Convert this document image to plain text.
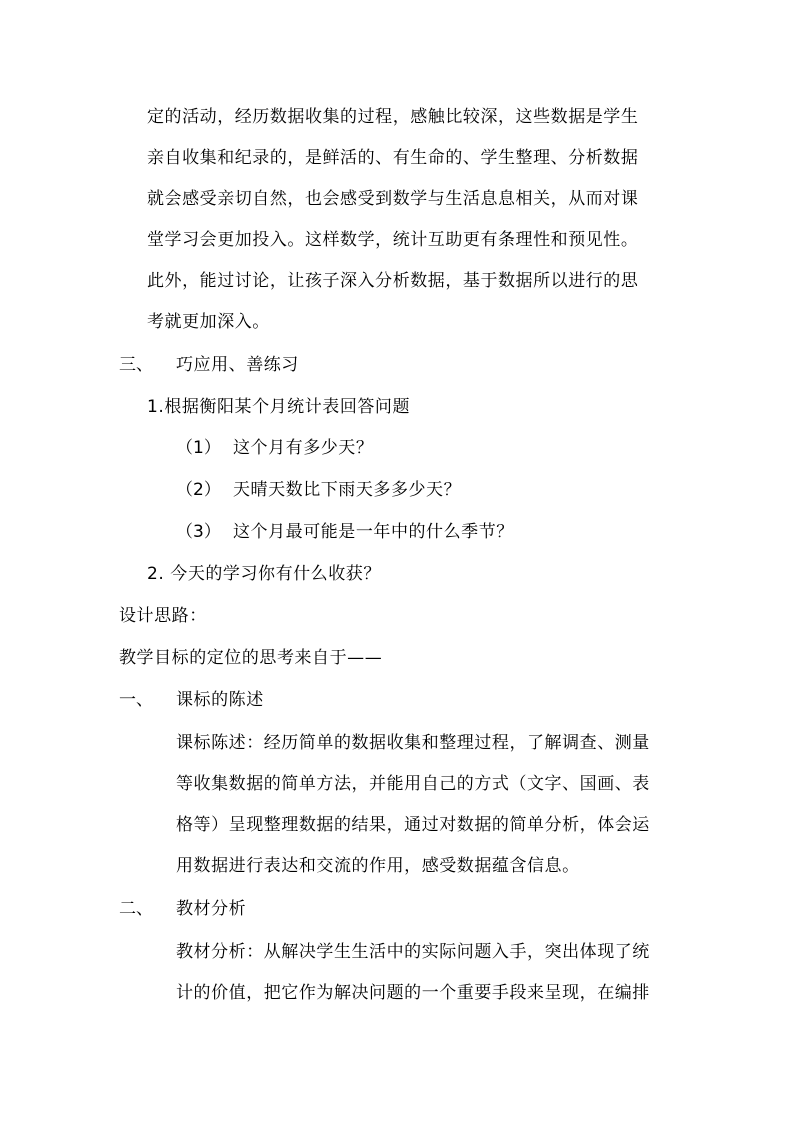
定的活动，经历数据收集的过程，感触比较深，这些数据是学生
亲自收集和纪录的，是鲜活的、有生命的、学生整理、分析数据
就会感受亲切自然，也会感受到数学与生活息息相关，从而对课
堂学习会更加投入。这样数学，统计互助更有条理性和预见性。
此外，能过讨论，让孩子深入分析数据，基于数据所以进行的思
考就更加深入。
三、 巧应用、善练习
1.根据衡阳某个月统计表回答问题
（1） 这个月有多少天？
（2） 天晴天数比下雨天多多少天？
（3） 这个月最可能是一年中的什么季节？
2. 今天的学习你有什么收获？
设计思路：
教学目标的定位的思考来自于——
一、 课标的陈述
课标陈述：经历简单的数据收集和整理过程，了解调查、测量
等收集数据的简单方法，并能用自己的方式（文字、国画、表
格等）呈现整理数据的结果，通过对数据的简单分析，体会运
用数据进行表达和交流的作用，感受数据蕴含信息。
二、 教材分析
教材分析：从解决学生生活中的实际问题入手，突出体现了统
计的价值，把它作为解决问题的一个重要手段来呈现，在编排
